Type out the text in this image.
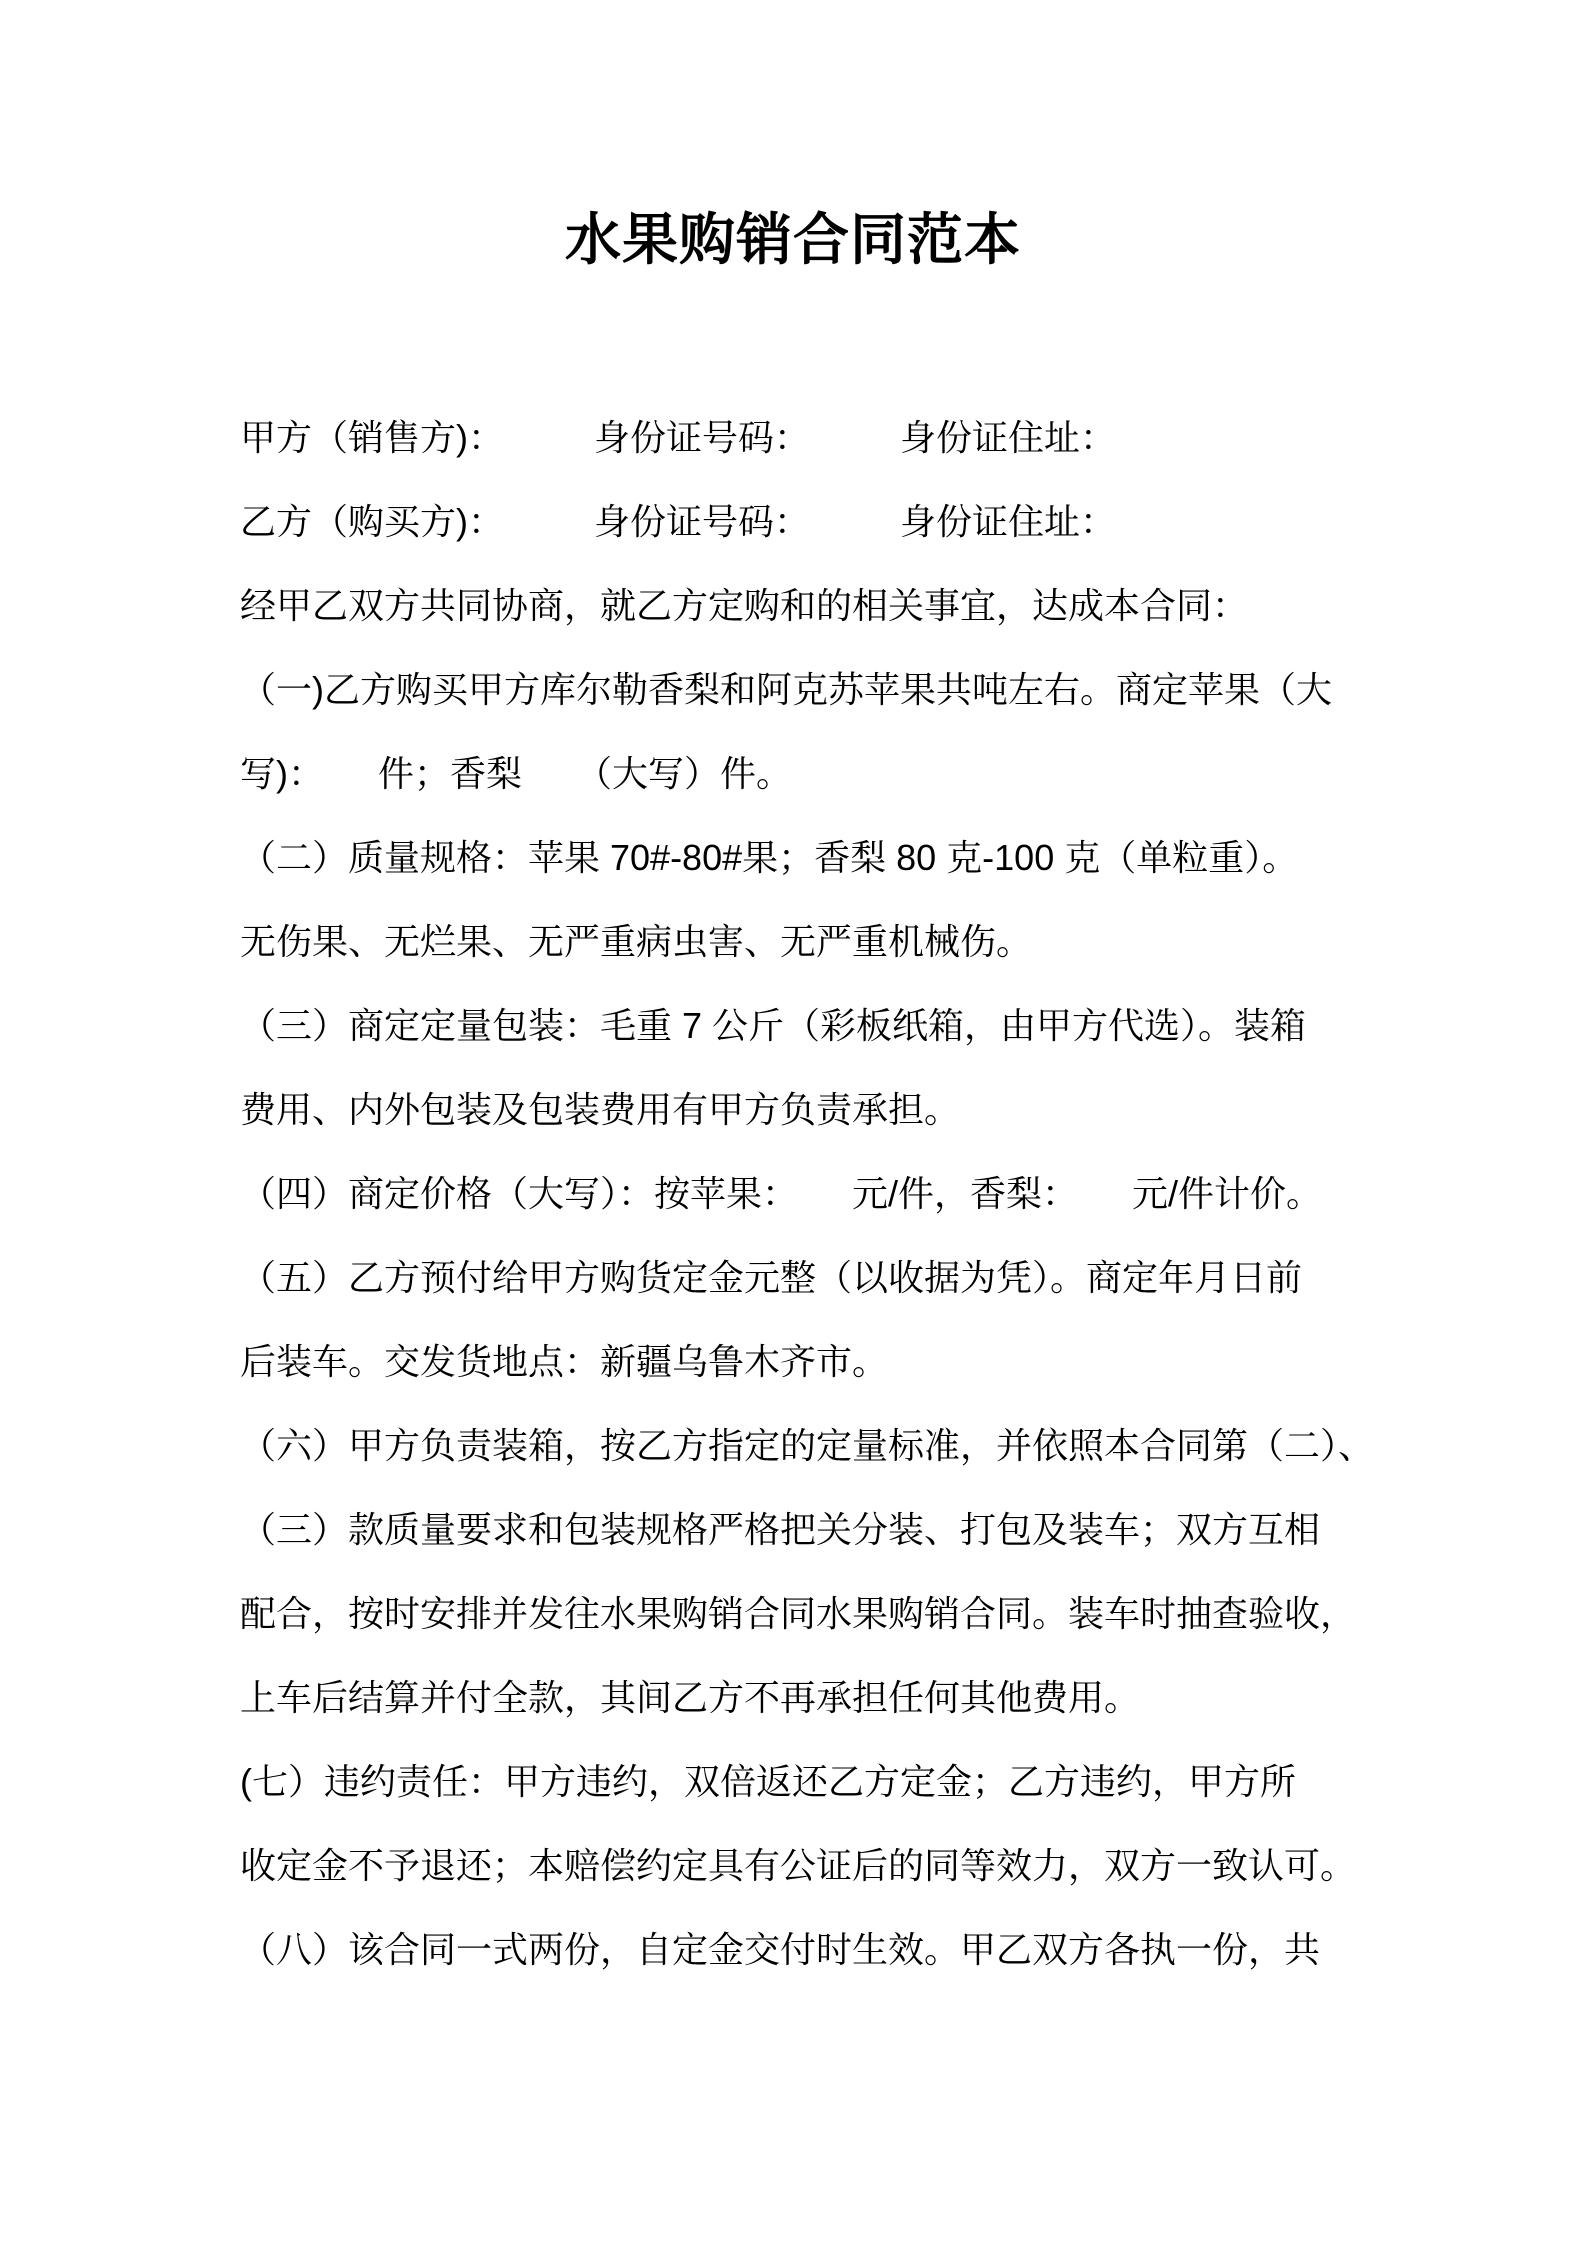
水果购销合同范本
甲方（销售方)：　　　身份证号码：　　　身份证住址：
乙方（购买方)：　　　身份证号码：　　　身份证住址：
经甲乙双方共同协商，就乙方定购和的相关事宜，达成本合同：
（一)乙方购买甲方库尔勒香梨和阿克苏苹果共吨左右。商定苹果（大
写)：　　件；香梨　　（大写）件。
（二）质量规格：苹果 70#-80#果；香梨 80 克-100 克（单粒重）。
无伤果、无烂果、无严重病虫害、无严重机械伤。
（三）商定定量包装：毛重 7 公斤（彩板纸箱，由甲方代选）。装箱
费用、内外包装及包装费用有甲方负责承担。
（四）商定价格（大写）：按苹果：　　元/件，香梨：　　元/件计价。
（五）乙方预付给甲方购货定金元整（以收据为凭）。商定年月日前
后装车。交发货地点：新疆乌鲁木齐市。
（六）甲方负责装箱，按乙方指定的定量标准，并依照本合同第（二）、
（三）款质量要求和包装规格严格把关分装、打包及装车；双方互相
配合，按时安排并发往水果购销合同水果购销合同。装车时抽查验收，
上车后结算并付全款，其间乙方不再承担任何其他费用。
(七）违约责任：甲方违约，双倍返还乙方定金；乙方违约，甲方所
收定金不予退还；本赔偿约定具有公证后的同等效力，双方一致认可。
（八）该合同一式两份，自定金交付时生效。甲乙双方各执一份，共
